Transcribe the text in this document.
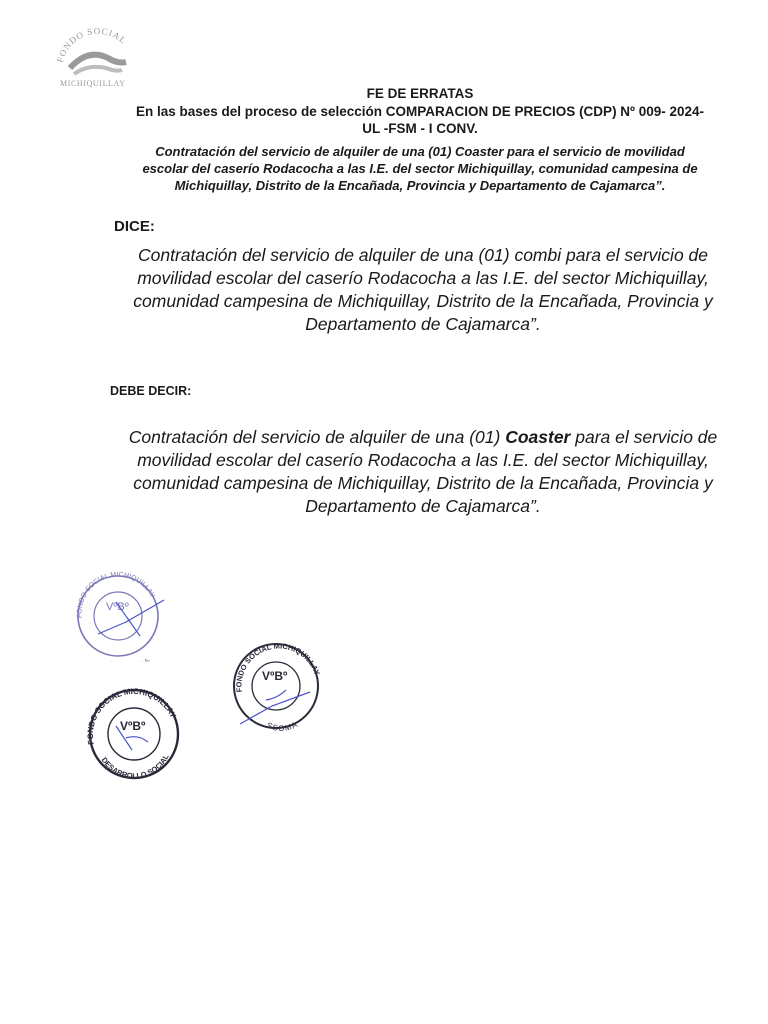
FONDO SOCIAL
MICHIQUILLAY
FE DE ERRATAS
En las bases del proceso de selección COMPARACION DE PRECIOS (CDP) Nº 009- 2024-
UL -FSM - I CONV.
Contratación del servicio de alquiler de una (01) Coaster para el servicio de movilidad
escolar del caserío Rodacocha a las I.E. del sector Michiquillay, comunidad campesina de
Michiquillay, Distrito de la Encañada, Provincia y Departamento de Cajamarca”.
DICE:
Contratación del servicio de alquiler de una (01) combi para el servicio de
movilidad escolar del caserío Rodacocha a las I.E. del sector Michiquillay,
comunidad campesina de Michiquillay, Distrito de la Encañada, Provincia y
Departamento de Cajamarca”.
DEBE DECIR:
Contratación del servicio de alquiler de una (01) Coaster para el servicio de
movilidad escolar del caserío Rodacocha a las I.E. del sector Michiquillay,
comunidad campesina de Michiquillay, Distrito de la Encañada, Provincia y
Departamento de Cajamarca”.
FONDO SOCIAL MICHIQUILLAY
VºBº
A
FONDO SOCIAL MICHIQUILLAY
VºBº
SSOMA
FONDO SOCIAL MICHIQUILLAY
VºBº
DESARROLLO SOCIAL
